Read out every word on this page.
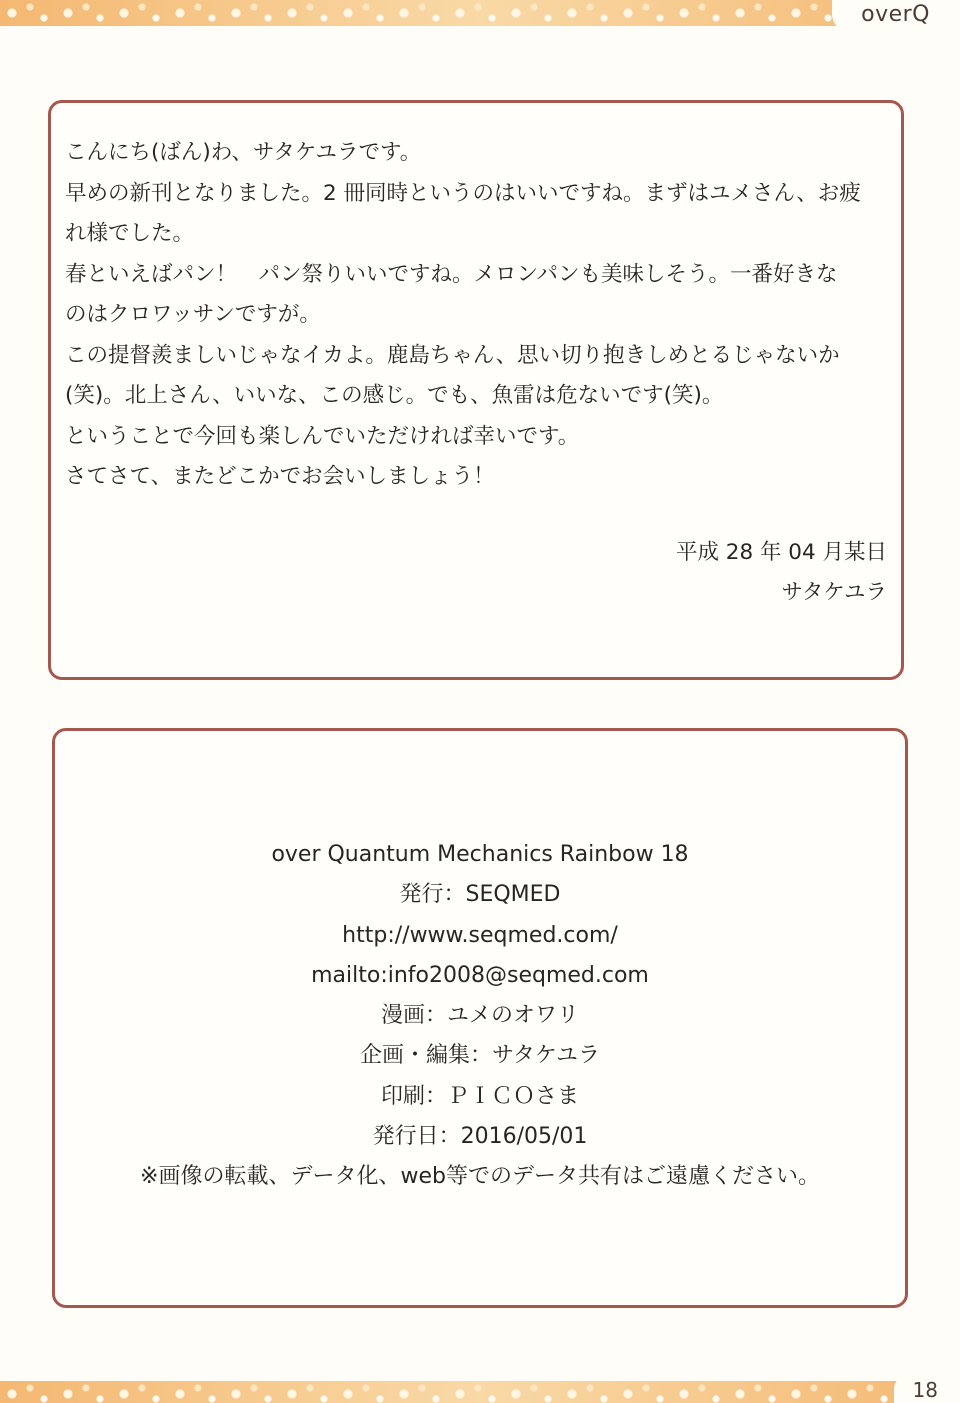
overQ

こんにち(ばん)わ、サタケユラです。

早めの新刊となりました。2 冊同時というのはいいですね。まずはユメさん、お疲

れ様でした。

春といえばパン！　パン祭りいいですね。メロンパンも美味しそう。一番好きな

のはクロワッサンですが。

この提督羨ましいじゃなイカよ。鹿島ちゃん、思い切り抱きしめとるじゃないか

(笑)。北上さん、いいな、この感じ。でも、魚雷は危ないです(笑)。

ということで今回も楽しんでいただければ幸いです。

さてさて、またどこかでお会いしましょう！

平成 28 年 04 月某日

サタケユラ

over Quantum Mechanics Rainbow 18

発行：SEQMED

http://www.seqmed.com/

mailto:info2008@seqmed.com

漫画：ユメのオワリ

企画・編集：サタケユラ

印刷：ＰＩＣＯさま

発行日：2016/05/01

※画像の転載、データ化、web等でのデータ共有はご遠慮ください。

18
